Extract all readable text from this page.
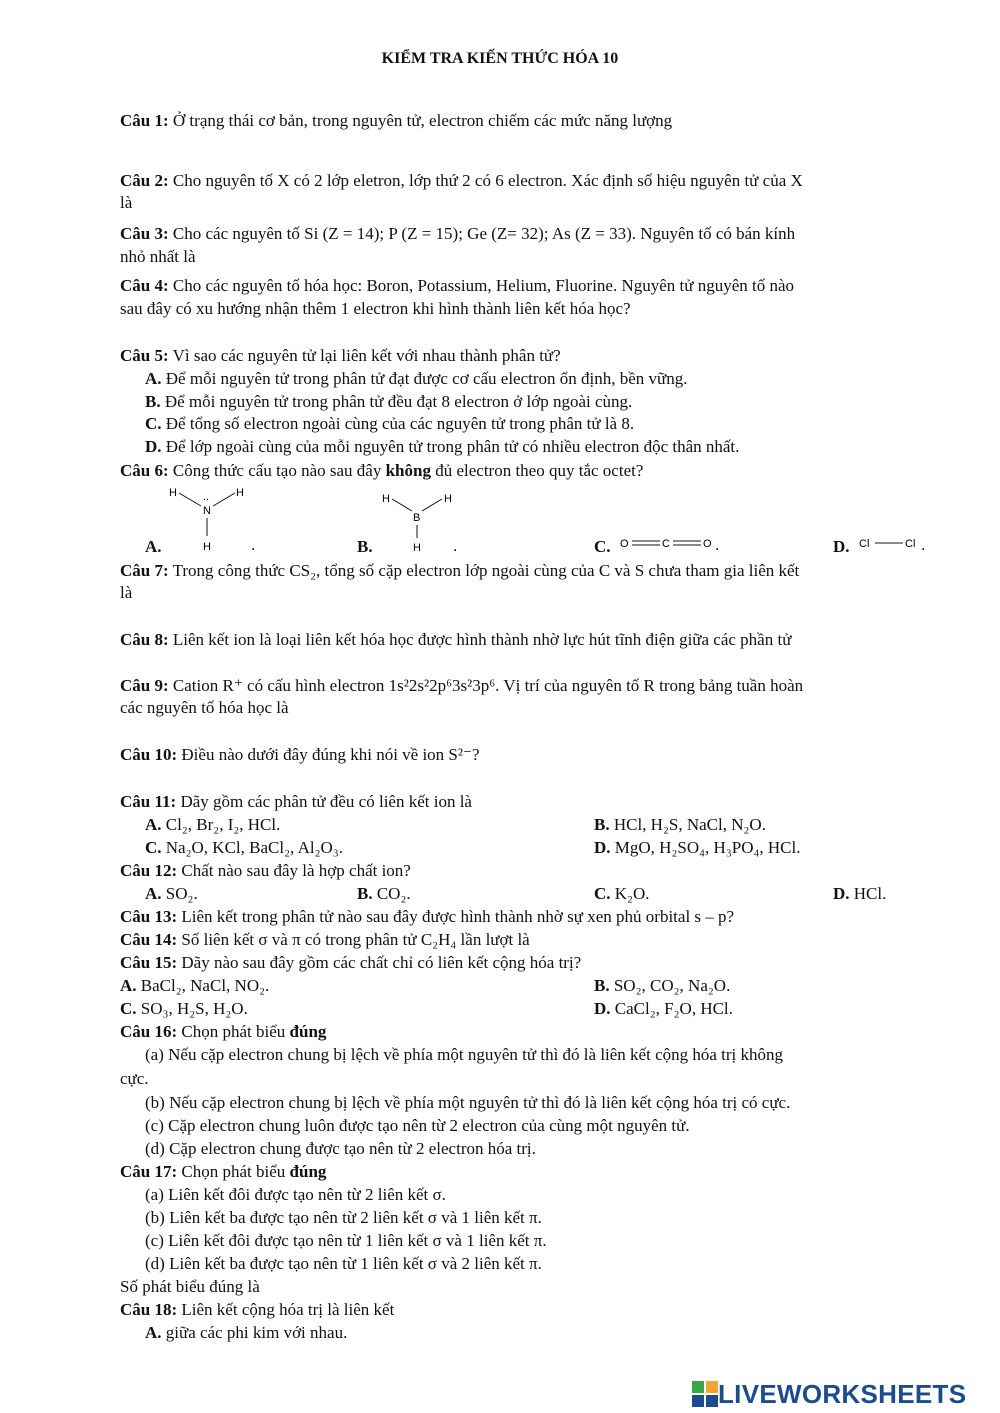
KIỂM TRA KIẾN THỨC HÓA 10
Câu 1: Ở trạng thái cơ bản, trong nguyên tử, electron chiếm các mức năng lượng
Câu 2: Cho nguyên tố X có 2 lớp eletron, lớp thứ 2 có 6 electron. Xác định số hiệu nguyên tử của X
là
Câu 3: Cho các nguyên tố Si (Z = 14); P (Z = 15); Ge (Z= 32); As (Z = 33). Nguyên tố có bán kính
nhỏ nhất là
Câu 4: Cho các nguyên tố hóa học: Boron, Potassium, Helium, Fluorine. Nguyên tử nguyên tố nào
sau đây có xu hướng nhận thêm 1 electron khi hình thành liên kết hóa học?
Câu 5: Vì sao các nguyên tử lại liên kết với nhau thành phân tử?
A. Để mỗi nguyên tử trong phân tử đạt được cơ cấu electron ổn định, bền vững.
B. Để mỗi nguyên tử trong phân tử đều đạt 8 electron ở lớp ngoài cùng.
C. Để tổng số electron ngoài cùng của các nguyên tử trong phân tử là 8.
D. Để lớp ngoài cùng của mỗi nguyên tử trong phân tử có nhiều electron độc thân nhất.
Câu 6: Công thức cấu tạo nào sau đây không đủ electron theo quy tắc octet?
A.
H	H
..
N
H	.	B.
H	H
B
H .	C. O	C	O .	D. Cl	Cl .
Câu 7: Trong công thức CS₂, tổng số cặp electron lớp ngoài cùng của C và S chưa tham gia liên kết
là
Câu 8: Liên kết ion là loại liên kết hóa học được hình thành nhờ lực hút tĩnh điện giữa các phần tử
Câu 9: Cation R⁺ có cấu hình electron 1s²2s²2p⁶3s²3p⁶. Vị trí của nguyên tố R trong bảng tuần hoàn
các nguyên tố hóa học là
Câu 10: Điều nào dưới đây đúng khi nói về ion S²⁻?
Câu 11: Dãy gồm các phân tử đều có liên kết ion là
A. Cl₂, Br₂, I₂, HCl.	B. HCl, H₂S, NaCl, N₂O.
C. Na₂O, KCl, BaCl₂, Al₂O₃.	D. MgO, H₂SO₄, H₃PO₄, HCl.
Câu 12: Chất nào sau đây là hợp chất ion?
A. SO₂.	B. CO₂.	C. K₂O.	D. HCl.
Câu 13: Liên kết trong phân tử nào sau đây được hình thành nhờ sự xen phủ orbital s – p?
Câu 14: Số liên kết σ và π có trong phân tử C₂H₄ lần lượt là
Câu 15: Dãy nào sau đây gồm các chất chỉ có liên kết cộng hóa trị?
A. BaCl₂, NaCl, NO₂.	B. SO₂, CO₂, Na₂O.
C. SO₃, H₂S, H₂O.	D. CaCl₂, F₂O, HCl.
Câu 16: Chọn phát biểu đúng
(a) Nếu cặp electron chung bị lệch về phía một nguyên tử thì đó là liên kết cộng hóa trị không
cực.
(b) Nếu cặp electron chung bị lệch về phía một nguyên tử thì đó là liên kết cộng hóa trị có cực.
(c) Cặp electron chung luôn được tạo nên từ 2 electron của cùng một nguyên tử.
(d) Cặp electron chung được tạo nên từ 2 electron hóa trị.
Câu 17: Chọn phát biểu đúng
(a) Liên kết đôi được tạo nên từ 2 liên kết σ.
(b) Liên kết ba được tạo nên từ 2 liên kết σ và 1 liên kết π.
(c) Liên kết đôi được tạo nên từ 1 liên kết σ và 1 liên kết π.
(d) Liên kết ba được tạo nên từ 1 liên kết σ và 2 liên kết π.
Số phát biểu đúng là
Câu 18: Liên kết cộng hóa trị là liên kết
A. giữa các phi kim với nhau.
LIVEWORKSHEETS
